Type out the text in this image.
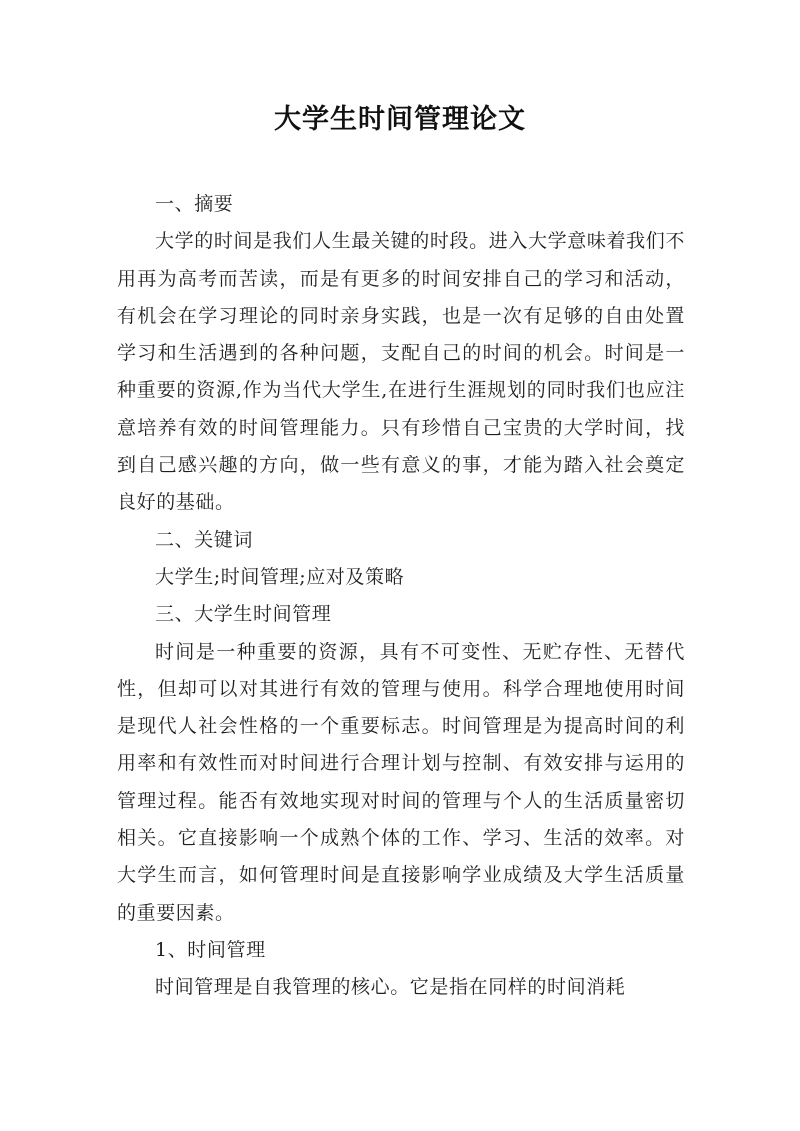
大学生时间管理论文

一、摘要

大学的时间是我们人生最关键的时段。进入大学意味着我们不用再为高考而苦读，而是有更多的时间安排自己的学习和活动，有机会在学习理论的同时亲身实践，也是一次有足够的自由处置学习和生活遇到的各种问题，支配自己的时间的机会。时间是一种重要的资源,作为当代大学生,在进行生涯规划的同时我们也应注意培养有效的时间管理能力。只有珍惜自己宝贵的大学时间，找到自己感兴趣的方向，做一些有意义的事，才能为踏入社会奠定良好的基础。

二、关键词

大学生;时间管理;应对及策略

三、大学生时间管理

时间是一种重要的资源，具有不可变性、无贮存性、无替代性，但却可以对其进行有效的管理与使用。科学合理地使用时间是现代人社会性格的一个重要标志。时间管理是为提高时间的利用率和有效性而对时间进行合理计划与控制、有效安排与运用的管理过程。能否有效地实现对时间的管理与个人的生活质量密切相关。它直接影响一个成熟个体的工作、学习、生活的效率。对大学生而言，如何管理时间是直接影响学业成绩及大学生活质量的重要因素。

1、时间管理

时间管理是自我管理的核心。它是指在同样的时间消耗
